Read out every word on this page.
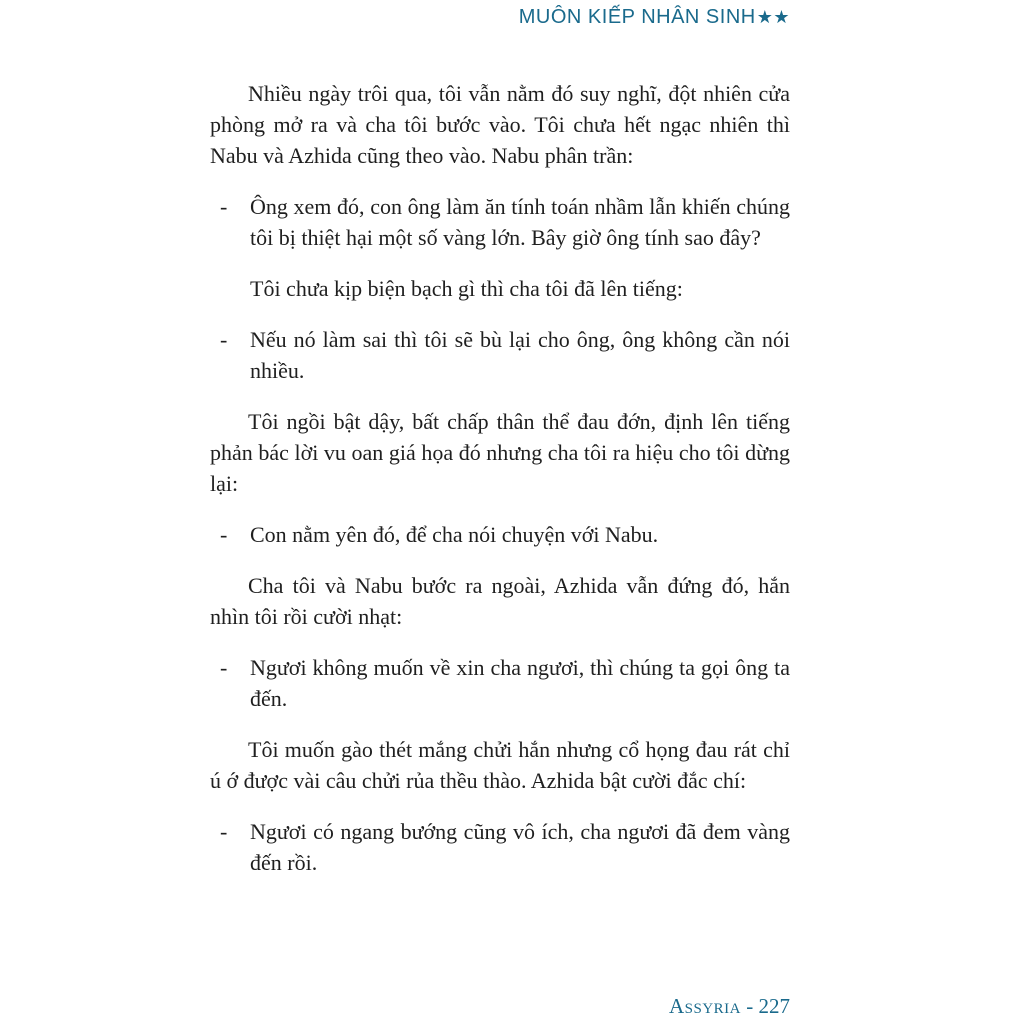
MUÔN KIẾP NHÂN SINH★★

Nhiều ngày trôi qua, tôi vẫn nằm đó suy nghĩ, đột nhiên cửa phòng mở ra và cha tôi bước vào. Tôi chưa hết ngạc nhiên thì Nabu và Azhida cũng theo vào. Nabu phân trần:

- Ông xem đó, con ông làm ăn tính toán nhầm lẫn khiến chúng tôi bị thiệt hại một số vàng lớn. Bây giờ ông tính sao đây?
Tôi chưa kịp biện bạch gì thì cha tôi đã lên tiếng:
- Nếu nó làm sai thì tôi sẽ bù lại cho ông, ông không cần nói nhiều.

Tôi ngồi bật dậy, bất chấp thân thể đau đớn, định lên tiếng phản bác lời vu oan giá họa đó nhưng cha tôi ra hiệu cho tôi dừng lại:

- Con nằm yên đó, để cha nói chuyện với Nabu.

Cha tôi và Nabu bước ra ngoài, Azhida vẫn đứng đó, hắn nhìn tôi rồi cười nhạt:

- Ngươi không muốn về xin cha ngươi, thì chúng ta gọi ông ta đến.

Tôi muốn gào thét mắng chửi hắn nhưng cổ họng đau rát chỉ ú ớ được vài câu chửi rủa thều thào. Azhida bật cười đắc chí:

- Ngươi có ngang bướng cũng vô ích, cha ngươi đã đem vàng đến rồi.
Assyria - 227
